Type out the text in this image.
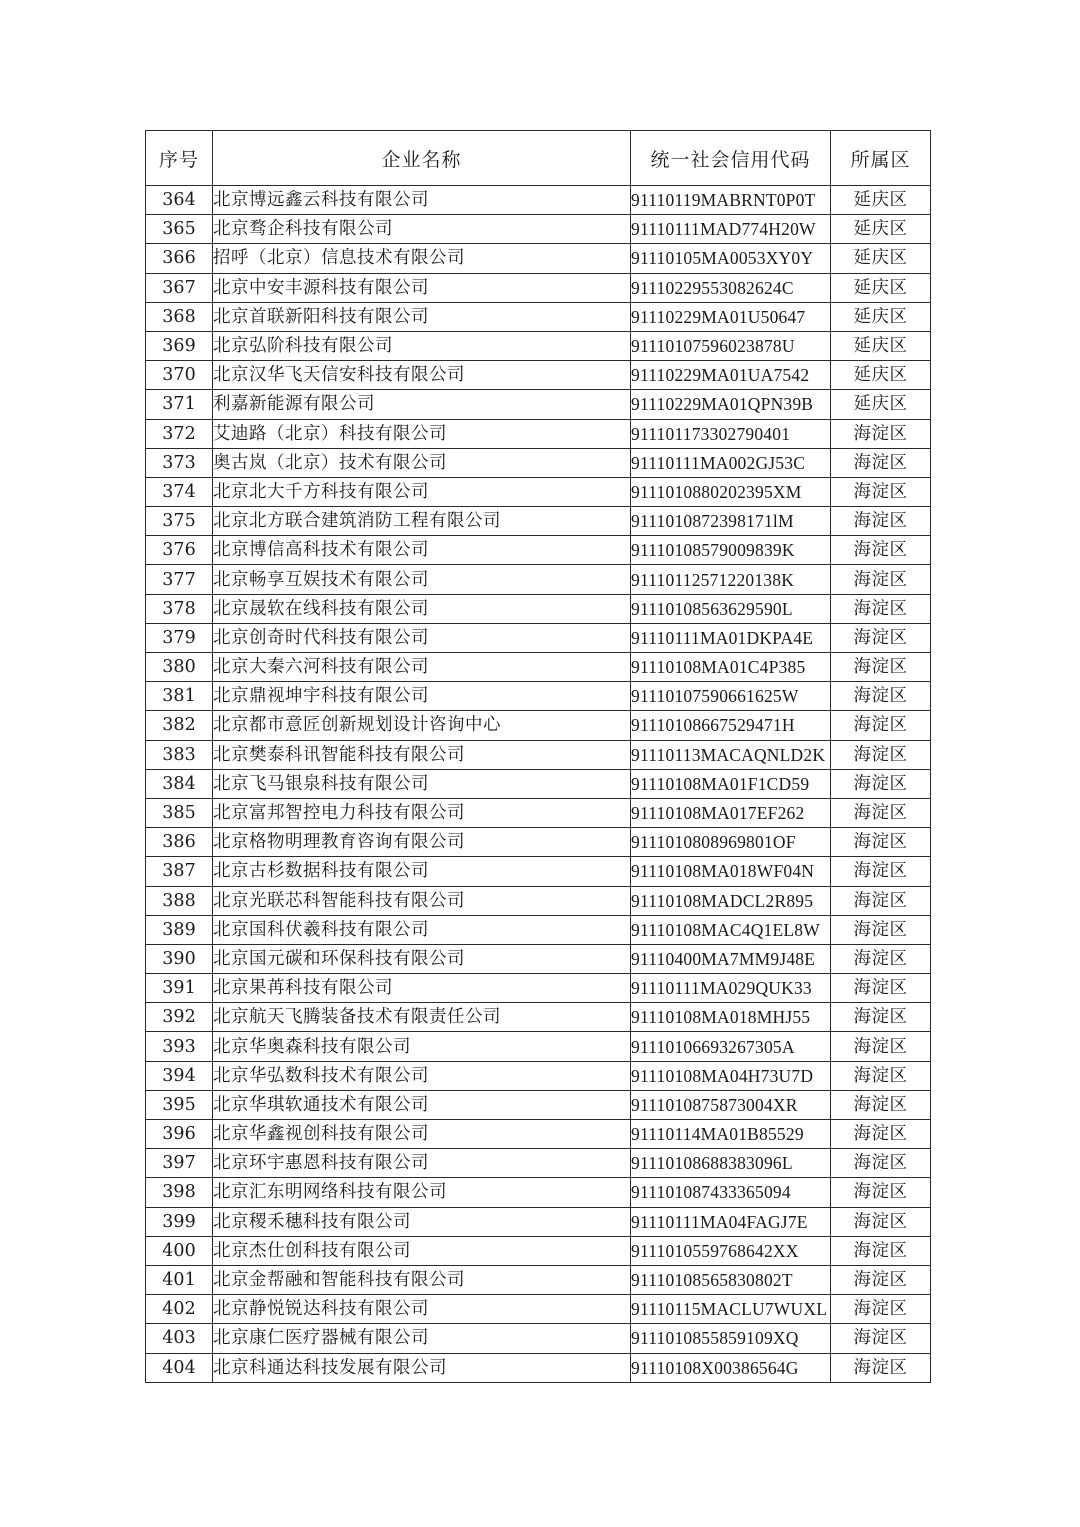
序号	企业名称	统一社会信用代码	所属区
364	北京博远鑫云科技有限公司	91110119MABRNT0P0T	延庆区
365	北京骛企科技有限公司	91110111MAD774H20W	延庆区
366	招呼（北京）信息技术有限公司	91110105MA0053XY0Y	延庆区
367	北京中安丰源科技有限公司	91110229553082624C	延庆区
368	北京首联新阳科技有限公司	91110229MA01U50647	延庆区
369	北京弘阶科技有限公司	91110107596023878U	延庆区
370	北京汉华飞天信安科技有限公司	91110229MA01UA7542	延庆区
371	利嘉新能源有限公司	91110229MA01QPN39B	延庆区
372	艾迪路（北京）科技有限公司	911101173302790401	海淀区
373	奥古岚（北京）技术有限公司	91110111MA002GJ53C	海淀区
374	北京北大千方科技有限公司	9111010880202395XM	海淀区
375	北京北方联合建筑消防工程有限公司	9111010872398171lM	海淀区
376	北京博信高科技术有限公司	91110108579009839K	海淀区
377	北京畅享互娱技术有限公司	91110112571220138K	海淀区
378	北京晟软在线科技有限公司	91110108563629590L	海淀区
379	北京创奇时代科技有限公司	91110111MA01DKPA4E	海淀区
380	北京大秦六河科技有限公司	91110108MA01C4P385	海淀区
381	北京鼎视坤宇科技有限公司	91110107590661625W	海淀区
382	北京都市意匠创新规划设计咨询中心	91110108667529471H	海淀区
383	北京樊泰科讯智能科技有限公司	91110113MACAQNLD2K	海淀区
384	北京飞马银泉科技有限公司	91110108MA01F1CD59	海淀区
385	北京富邦智控电力科技有限公司	91110108MA017EF262	海淀区
386	北京格物明理教育咨询有限公司	9111010808969801OF	海淀区
387	北京古杉数据科技有限公司	91110108MA018WF04N	海淀区
388	北京光联芯科智能科技有限公司	91110108MADCL2R895	海淀区
389	北京国科伏羲科技有限公司	91110108MAC4Q1EL8W	海淀区
390	北京国元碳和环保科技有限公司	91110400MA7MM9J48E	海淀区
391	北京果苒科技有限公司	91110111MA029QUK33	海淀区
392	北京航天飞腾装备技术有限责任公司	91110108MA018MHJ55	海淀区
393	北京华奥森科技有限公司	91110106693267305A	海淀区
394	北京华弘数科技术有限公司	91110108MA04H73U7D	海淀区
395	北京华琪软通技术有限公司	9111010875873004XR	海淀区
396	北京华鑫视创科技有限公司	91110114MA01B85529	海淀区
397	北京环宇惠恩科技有限公司	91110108688383096L	海淀区
398	北京汇东明网络科技有限公司	911101087433365094	海淀区
399	北京稷禾穗科技有限公司	91110111MA04FAGJ7E	海淀区
400	北京杰仕创科技有限公司	9111010559768642XX	海淀区
401	北京金帮融和智能科技有限公司	91110108565830802T	海淀区
402	北京静悦锐达科技有限公司	91110115MACLU7WUXL	海淀区
403	北京康仁医疗器械有限公司	9111010855859109XQ	海淀区
404	北京科通达科技发展有限公司	91110108X00386564G	海淀区
